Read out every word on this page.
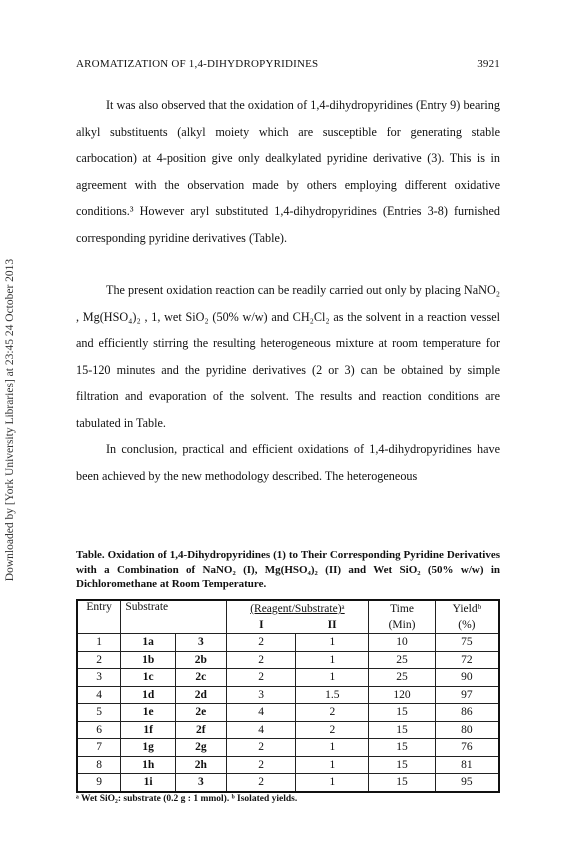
Downloaded by [York University Libraries] at 23:45 24 October 2013
AROMATIZATION OF 1,4-DIHYDROPYRIDINES	3921

It was also observed that the oxidation of 1,4-dihydropyridines (Entry 9) bearing alkyl substituents (alkyl moiety which are susceptible for generating stable carbocation) at 4-position give only dealkylated pyridine derivative (3). This is in agreement with the observation made by others employing different oxidative conditions.³ However aryl substituted 1,4-dihydropyridines (Entries 3-8) furnished corresponding pyridine derivatives (Table).

The present oxidation reaction can be readily carried out only by placing NaNO₂ , Mg(HSO₄)₂ , 1, wet SiO₂ (50% w/w) and CH₂Cl₂ as the solvent in a reaction vessel and efficiently stirring the resulting heterogeneous mixture at room temperature for 15-120 minutes and the pyridine derivatives (2 or 3) can be obtained by simple filtration and evaporation of the solvent. The results and reaction conditions are tabulated in Table.

In conclusion, practical and efficient oxidations of 1,4-dihydropyridines have been achieved by the new methodology described. The heterogeneous

Table. Oxidation of 1,4-Dihydropyridines (1) to Their Corresponding Pyridine Derivatives with a Combination of NaNO₂ (I), Mg(HSO₄)₂ (II) and Wet SiO₂ (50% w/w) in Dichloromethane at Room Temperature.
Entry	Substrate		(Reagent/Substrate)ᵃ		Time	Yieldᵇ
			I	II	(Min)	(%)
1	1a	3	2	1	10	75
2	1b	2b	2	1	25	72
3	1c	2c	2	1	25	90
4	1d	2d	3	1.5	120	97
5	1e	2e	4	2	15	86
6	1f	2f	4	2	15	80
7	1g	2g	2	1	15	76
8	1h	2h	2	1	15	81
9	1i	3	2	1	15	95
ᵃ Wet SiO₂: substrate (0.2 g : 1 mmol). ᵇ Isolated yields.
